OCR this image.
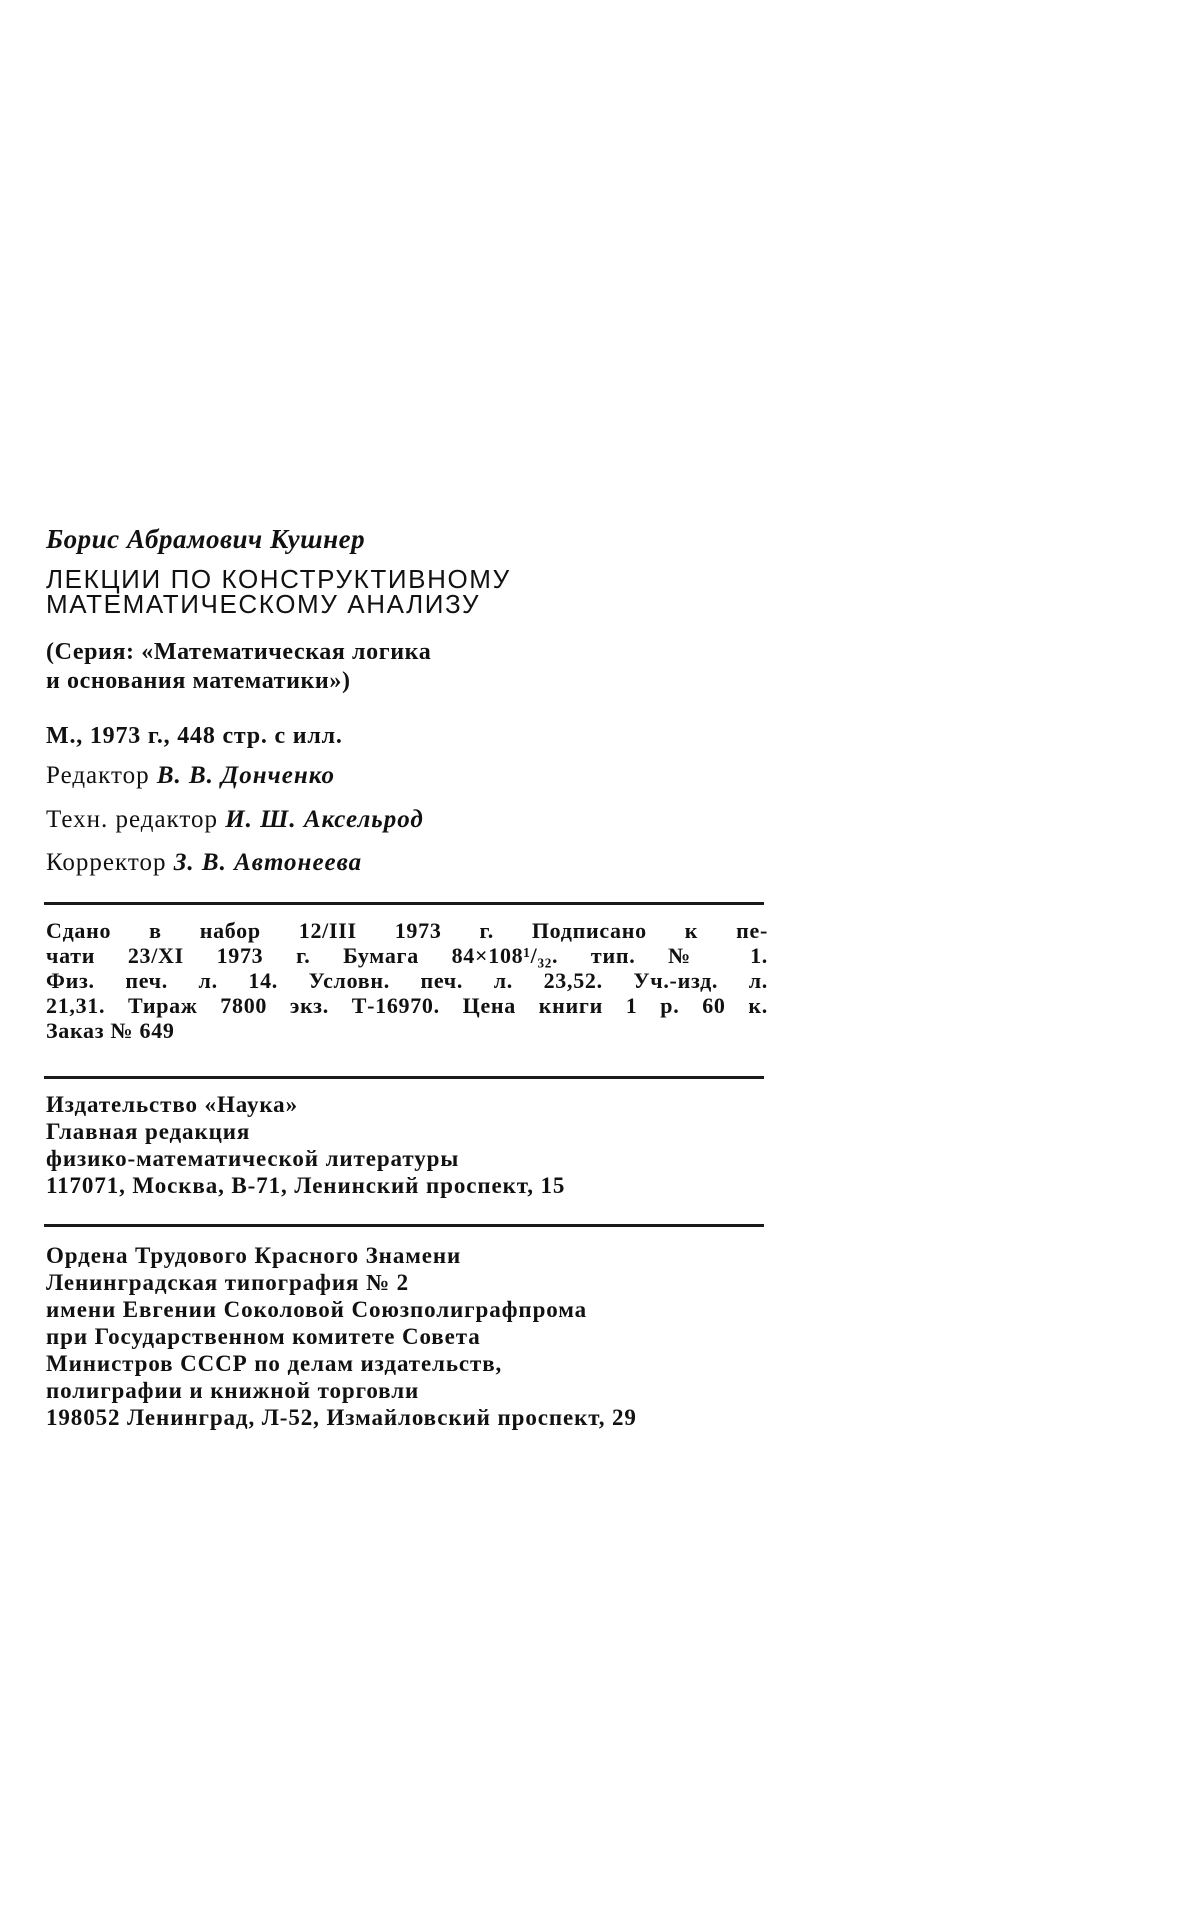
Борис Абрамович Кушнер
ЛЕКЦИИ ПО КОНСТРУКТИВНОМУ
МАТЕМАТИЧЕСКОМУ АНАЛИЗУ
(Серия: «Математическая логика
и основания математики»)
М., 1973 г., 448 стр. с илл.
Редактор В. В. Донченко
Техн. редактор И. Ш. Аксельрод
Корректор З. В. Автонеева
Сдано в набор 12/III 1973 г. Подписано к пе-
чати 23/XI 1973 г. Бумага 84×108¹/₃₂. тип. № 1.
Физ. печ. л. 14. Условн. печ. л. 23,52. Уч.-изд. л.
21,31. Тираж 7800 экз. Т-16970. Цена книги 1 р. 60 к.
Заказ № 649
Издательство «Наука»
Главная редакция
физико-математической литературы
117071, Москва, В-71, Ленинский проспект, 15
Ордена Трудового Красного Знамени
Ленинградская типография № 2
имени Евгении Соколовой Союзполиграфпрома
при Государственном комитете Совета
Министров СССР по делам издательств,
полиграфии и книжной торговли
198052 Ленинград, Л-52, Измайловский проспект, 29
